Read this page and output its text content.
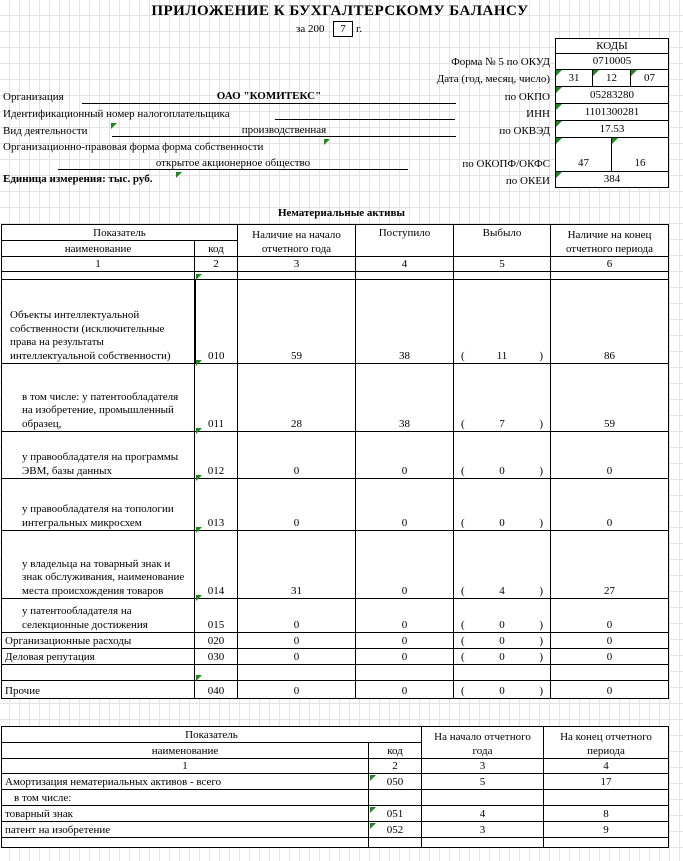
ПРИЛОЖЕНИЕ К БУХГАЛТЕРСКОМУ БАЛАНСУ
за 200	7 г.
КОДЫ
Форма № 5 по ОКУД	0710005
Дата (год, месяц, число)	31	12	07
Организация	ОАО "КОМИТЕКС"	по ОКПО	05283280
Идентификационный номер налогоплательщика	ИНН	1101300281
Вид деятельности	производственная	по ОКВЭД	17.53
Организационно-правовая форма форма собственности
открытое акционерное общество	по ОКОПФ/ОКФС	47	16
Единица измерения: тыс. руб.	по ОКЕИ	384
Нематериальные активы
Показатель		Наличие на начало отчетного года	Поступило	Выбыло	Наличие на конец отчетного периода
наименование	код				
1	2	3	4	5	6

Объекты интеллектуальной собственности (исключительные права на результаты интеллектуальной собственности)	010	59	38	( 11 )	86
в том числе: у патентообладателя на изобретение, промышленный образец,	011	28	38	( 7 )	59
у правообладателя на программы ЭВМ, базы данных	012	0	0	( 0 )	0
у правообладателя на топологии интегральных микросхем	013	0	0	( 0 )	0
у владельца на товарный знак и знак обслуживания, наименование места происхождения товаров	014	31	0	( 4 )	27
у патентообладателя на селекционные достижения	015	0	0	( 0 )	0
Организационные расходы	020	0	0	( 0 )	0
Деловая репутация	030	0	0	( 0 )	0

Прочие	040	0	0	( 0 )	0
Показатель		На начало отчетного года	На конец отчетного периода
наименование	код		
1	2	3	4
Амортизация нематериальных активов - всего	050	5	17
в том числе:			
товарный знак	051	4	8
патент на изобретение	052	3	9
